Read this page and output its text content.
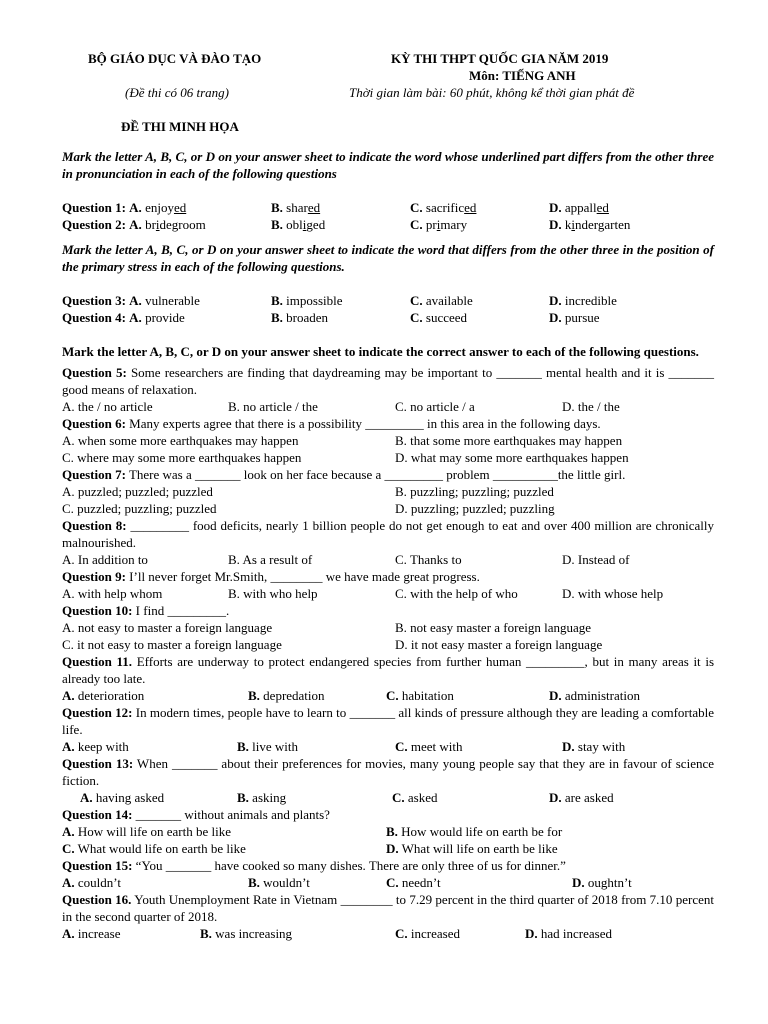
BỘ GIÁO DỤC VÀ ĐÀO TẠO
(Đề thi có 06 trang)
KỲ THI THPT QUỐC GIA NĂM 2019
Môn: TIẾNG ANH
Thời gian làm bài: 60 phút, không kể thời gian phát đề
ĐỀ THI MINH HỌA

Mark the letter A, B, C, or D on your answer sheet to indicate the word whose underlined part differs from the other three in pronunciation in each of the following questions

Question 1: A. enjoyed	B. shared	C. sacrificed	D. appalled
Question 2: A. bridegroom	B. obliged	C. primary	D. kindergarten

Mark the letter A, B, C, or D on your answer sheet to indicate the word that differs from the other three in the position of the primary stress in each of the following questions.

Question 3: A. vulnerable	B. impossible	C. available	D. incredible
Question 4: A. provide	B. broaden	C. succeed	D. pursue

Mark the letter A, B, C, or D on your answer sheet to indicate the correct answer to each of the following questions.

Question 5: Some researchers are finding that daydreaming may be important to _______ mental health and it is _______ good means of relaxation.

A. the / no article	B. no article / the	C. no article / a	D. the / the

Question 6: Many experts agree that there is a possibility _________ in this area in the following days.

A. when some more earthquakes may happen	B. that some more earthquakes may happen
C. where may some more earthquakes happen	D. what may some more earthquakes happen

Question 7: There was a _______ look on her face because a _________ problem __________the little girl.

A. puzzled; puzzled; puzzled	B. puzzling; puzzling; puzzled
C. puzzled; puzzling; puzzled	D. puzzling; puzzled; puzzling

Question 8: _________ food deficits, nearly 1 billion people do not get enough to eat and over 400 million are chronically malnourished.

A. In addition to	B. As a result of	C. Thanks to	D. Instead of

Question 9: I’ll never forget Mr.Smith, ________ we have made great progress.

A. with help whom	B. with who help	C. with the help of who	D. with whose help

Question 10: I find _________.

A. not easy to master a foreign language	B. not easy master a foreign language
C. it not easy to master a foreign language	D. it not easy master a foreign language

Question 11. Efforts are underway to protect endangered species from further human _________, but in many areas it is already too late.

A. deterioration	B. depredation	C. habitation	D. administration

Question 12: In modern times, people have to learn to _______ all kinds of pressure although they are leading a comfortable life.

A. keep with	B. live with	C. meet with	D. stay with

Question 13: When _______ about their preferences for movies, many young people say that they are in favour of science fiction.

A. having asked	B. asking	C. asked	D. are asked

Question 14: _______ without animals and plants?

A. How will life on earth be like	B. How would life on earth be for
C. What would life on earth be like	D. What will life on earth be like

Question 15: “You _______ have cooked so many dishes. There are only three of us for dinner.”

A. couldn’t	B. wouldn’t	C. needn’t	D. oughtn’t

Question 16. Youth Unemployment Rate in Vietnam ________ to 7.29 percent in the third quarter of 2018 from 7.10 percent in the second quarter of 2018.

A. increase	B. was increasing	C. increased	D. had increased
